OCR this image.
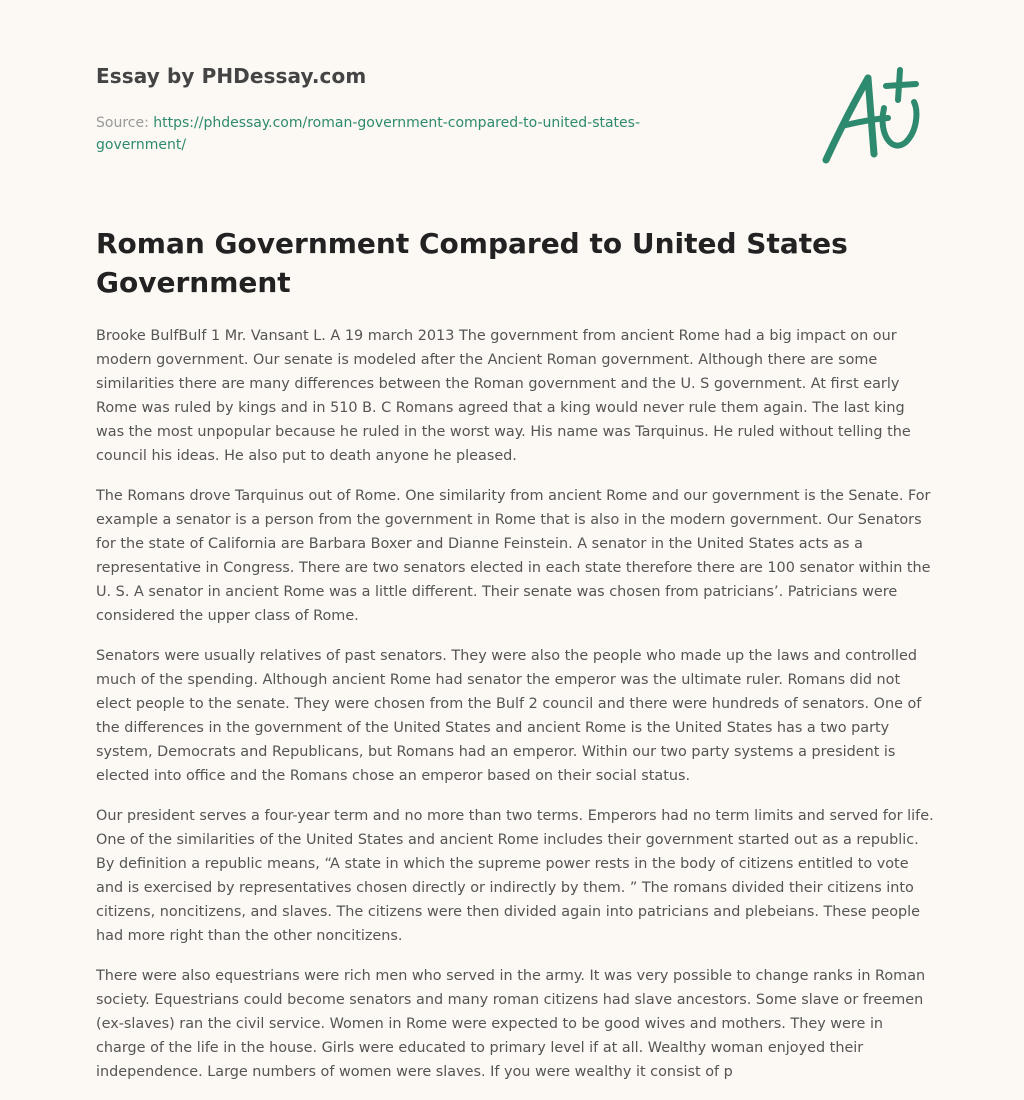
Essay by PHDessay.com
Source: https://phdessay.com/roman-government-compared-to-united-states-government/
Roman Government Compared to United States Government

Brooke BulfBulf 1 Mr. Vansant L. A 19 march 2013 The government from ancient Rome had a big impact on our modern government. Our senate is modeled after the Ancient Roman government. Although there are some similarities there are many differences between the Roman government and the U. S government. At first early Rome was ruled by kings and in 510 B. C Romans agreed that a king would never rule them again. The last king was the most unpopular because he ruled in the worst way. His name was Tarquinus. He ruled without telling the council his ideas. He also put to death anyone he pleased.

The Romans drove Tarquinus out of Rome. One similarity from ancient Rome and our government is the Senate. For example a senator is a person from the government in Rome that is also in the modern government. Our Senators for the state of California are Barbara Boxer and Dianne Feinstein. A senator in the United States acts as a representative in Congress. There are two senators elected in each state therefore there are 100 senator within the U. S. A senator in ancient Rome was a little different. Their senate was chosen from patricians’. Patricians were considered the upper class of Rome.

Senators were usually relatives of past senators. They were also the people who made up the laws and controlled much of the spending. Although ancient Rome had senator the emperor was the ultimate ruler. Romans did not elect people to the senate. They were chosen from the Bulf 2 council and there were hundreds of senators. One of the differences in the government of the United States and ancient Rome is the United States has a two party system, Democrats and Republicans, but Romans had an emperor. Within our two party systems a president is elected into office and the Romans chose an emperor based on their social status.

Our president serves a four-year term and no more than two terms. Emperors had no term limits and served for life. One of the similarities of the United States and ancient Rome includes their government started out as a republic. By definition a republic means, “A state in which the supreme power rests in the body of citizens entitled to vote and is exercised by representatives chosen directly or indirectly by them. ” The romans divided their citizens into citizens, noncitizens, and slaves. The citizens were then divided again into patricians and plebeians. These people had more right than the other noncitizens.

There were also equestrians were rich men who served in the army. It was very possible to change ranks in Roman society. Equestrians could become senators and many roman citizens had slave ancestors. Some slave or freemen (ex-slaves) ran the civil service. Women in Rome were expected to be good wives and mothers. They were in charge of the life in the house. Girls were educated to primary level if at all. Wealthy woman enjoyed their independence. Large numbers of women were slaves. If you were wealthy it consist of p
